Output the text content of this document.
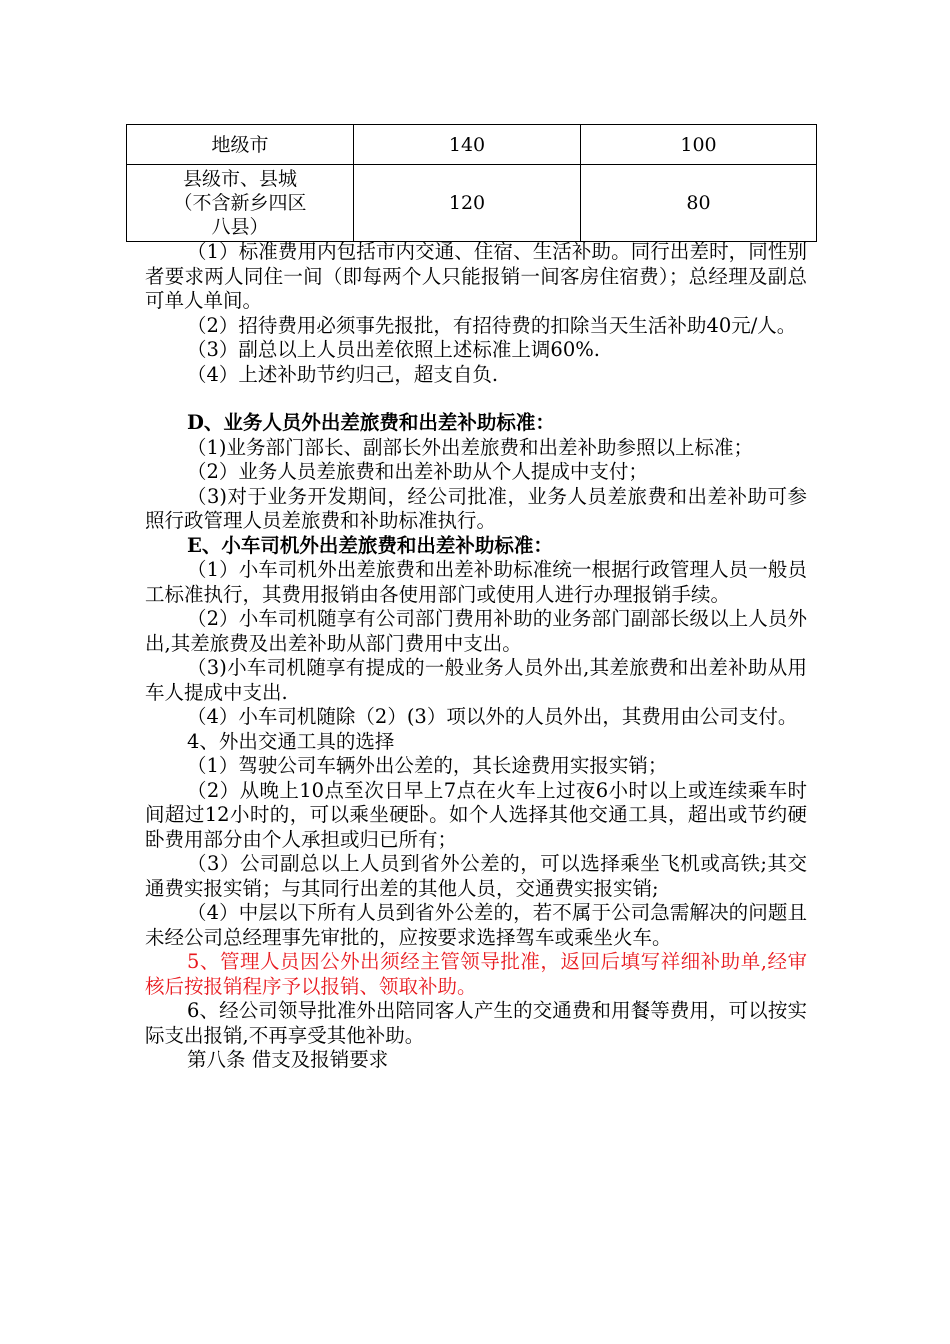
地级市	140	100

县级市、县城
（不含新乡四区
八县）	120	80

（1）标准费用内包括市内交通、住宿、生活补助。同行出差时，同性别者要求两人同住一间（即每两个人只能报销一间客房住宿费）；总经理及副总可单人单间。

（2）招待费用必须事先报批，有招待费的扣除当天生活补助40元/人。

（3）副总以上人员出差依照上述标准上调60%.

（4）上述补助节约归己，超支自负.

D、业务人员外出差旅费和出差补助标准：

（1)业务部门部长、副部长外出差旅费和出差补助参照以上标准；

（2）业务人员差旅费和出差补助从个人提成中支付；

（3)对于业务开发期间，经公司批准，业务人员差旅费和出差补助可参照行政管理人员差旅费和补助标准执行。

E、小车司机外出差旅费和出差补助标准：

（1）小车司机外出差旅费和出差补助标准统一根据行政管理人员一般员工标准执行，其费用报销由各使用部门或使用人进行办理报销手续。

（2）小车司机随享有公司部门费用补助的业务部门副部长级以上人员外出,其差旅费及出差补助从部门费用中支出。

（3)小车司机随享有提成的一般业务人员外出,其差旅费和出差补助从用车人提成中支出.

（4）小车司机随除（2）(3）项以外的人员外出，其费用由公司支付。

4、外出交通工具的选择

（1）驾驶公司车辆外出公差的，其长途费用实报实销；

（2）从晚上10点至次日早上7点在火车上过夜6小时以上或连续乘车时间超过12小时的，可以乘坐硬卧。如个人选择其他交通工具，超出或节约硬卧费用部分由个人承担或归已所有；

（3）公司副总以上人员到省外公差的，可以选择乘坐飞机或高铁;其交通费实报实销；与其同行出差的其他人员，交通费实报实销;

（4）中层以下所有人员到省外公差的，若不属于公司急需解决的问题且未经公司总经理事先审批的，应按要求选择驾车或乘坐火车。

5、管理人员因公外出须经主管领导批准，返回后填写祥细补助单,经审核后按报销程序予以报销、领取补助。

6、经公司领导批准外出陪同客人产生的交通费和用餐等费用，可以按实际支出报销,不再享受其他补助。

第八条 借支及报销要求
